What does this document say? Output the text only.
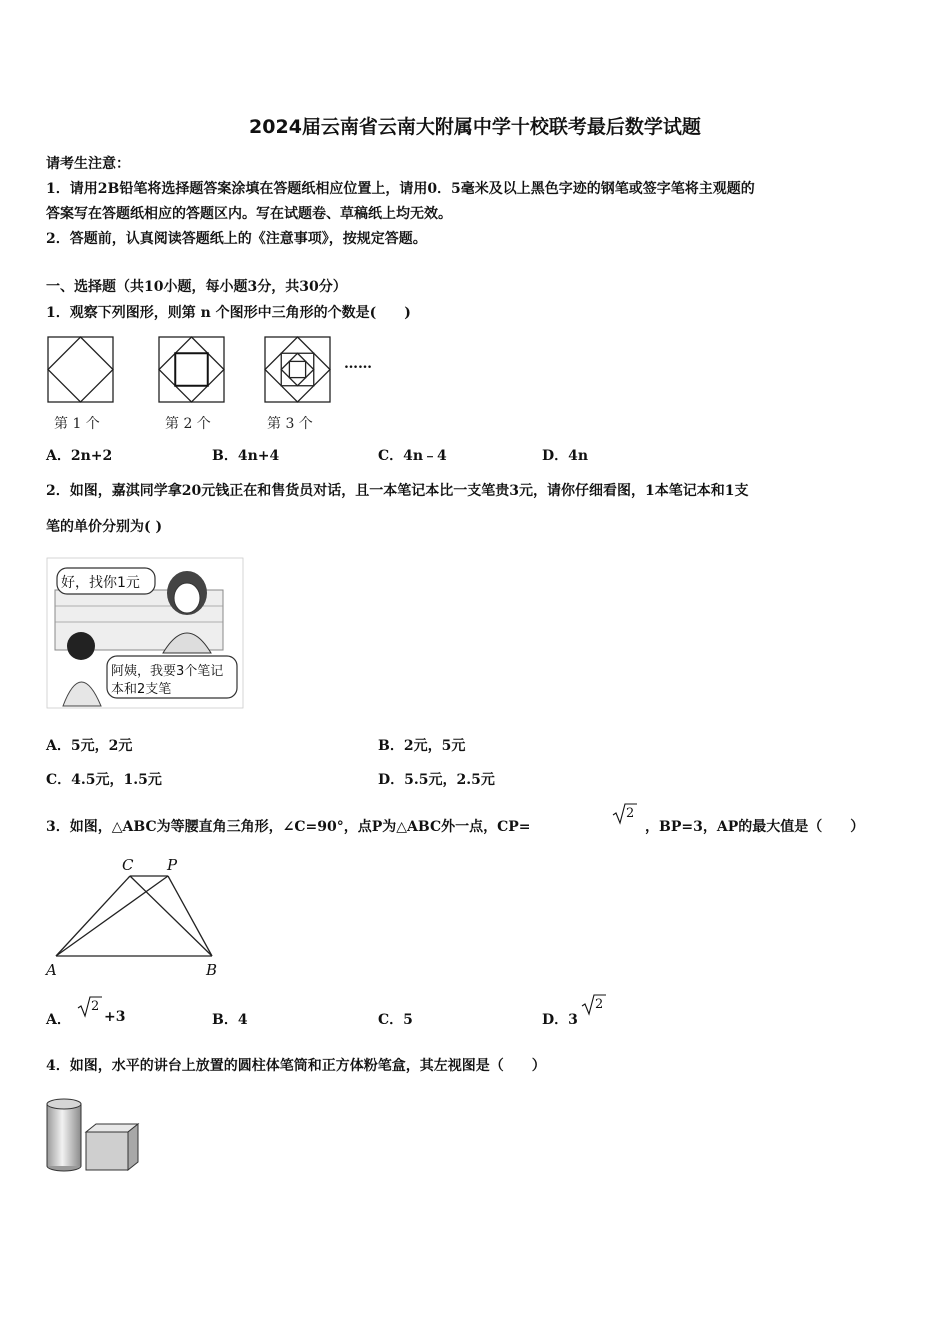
2024届云南省云南大附属中学十校联考最后数学试题
请考生注意：
1．请用2B铅笔将选择题答案涂填在答题纸相应位置上，请用0．5毫米及以上黑色字迹的钢笔或签字笔将主观题的
答案写在答题纸相应的答题区内。写在试题卷、草稿纸上均无效。
2．答题前，认真阅读答题纸上的《注意事项》，按规定答题。
一、选择题（共10小题，每小题3分，共30分）
1．观察下列图形，则第 n 个图形中三角形的个数是(　　)
……
第 1 个	第 2 个	第 3 个
A．2n+2	B．4n+4	C．4n﹣4	D．4n
2．如图，嘉淇同学拿20元钱正在和售货员对话，且一本笔记本比一支笔贵3元，请你仔细看图，1本笔记本和1支
笔的单价分别为( )
好，找你1元
阿姨，我要3个笔记
本和2支笔
A．5元，2元	B．2元，5元
C．4.5元，1.5元	D．5.5元，2.5元
3．如图，△ABC为等腰直角三角形，∠C=90°，点P为△ABC外一点，CP=
2
，BP=3，AP的最大值是（　　）
C P
A	B
A．
2
+3	B．4	C．5	D．3
2
4．如图，水平的讲台上放置的圆柱体笔筒和正方体粉笔盒，其左视图是（　　）
